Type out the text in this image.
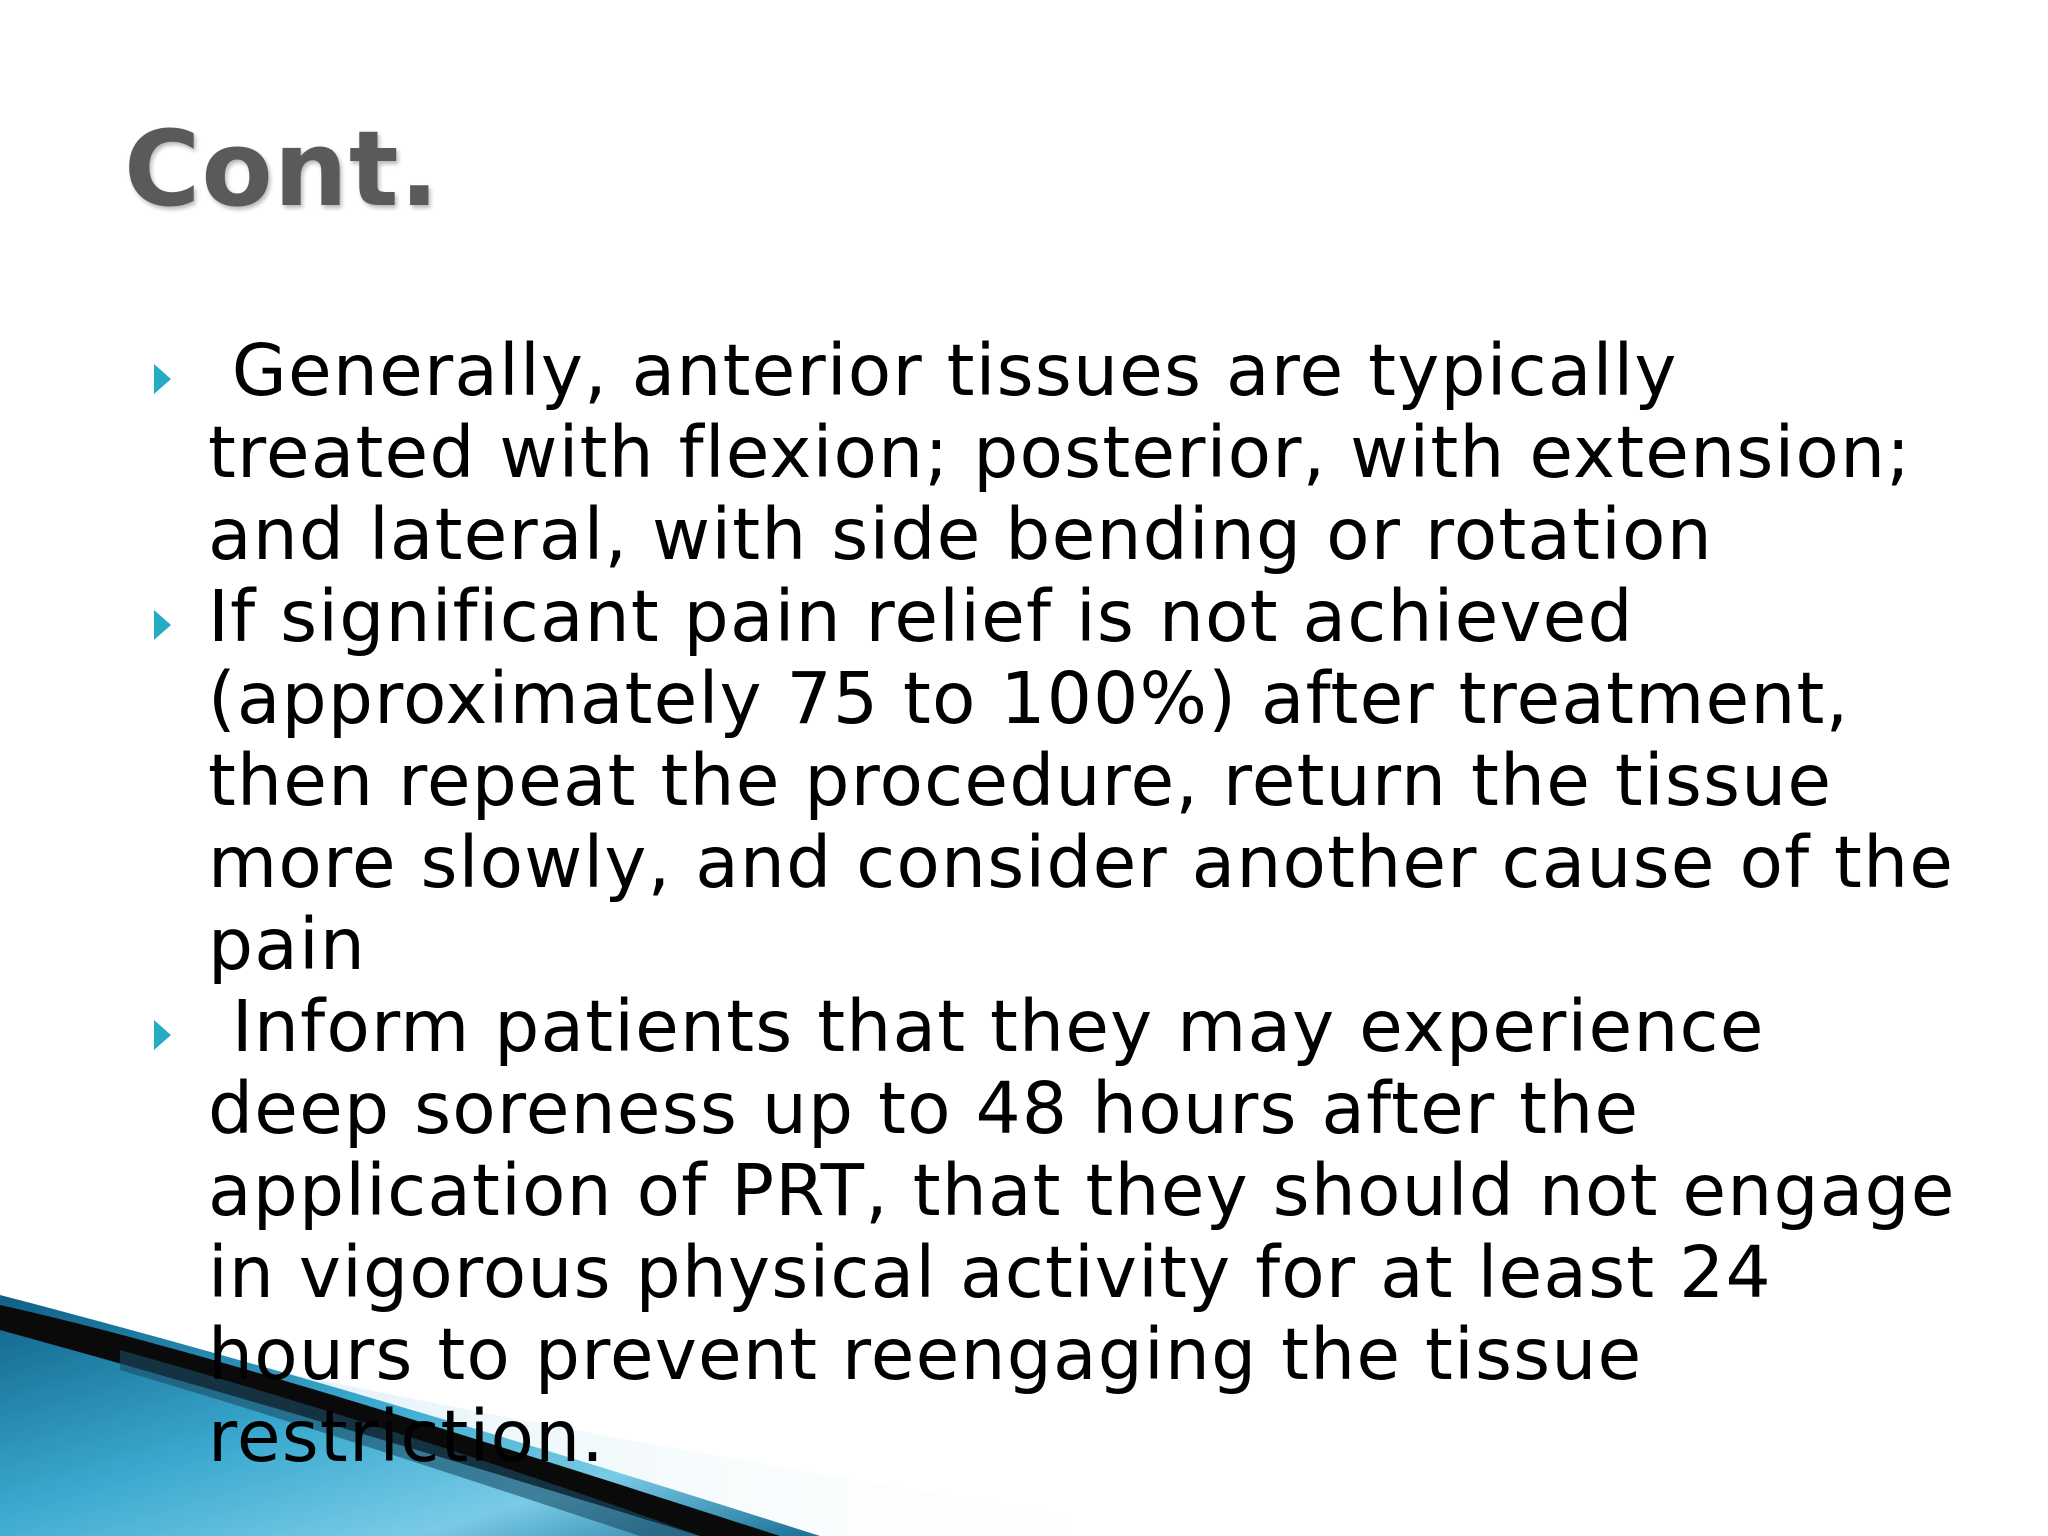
Cont.
Generally, anterior tissues are typically treated with flexion; posterior, with extension; and lateral, with side bending or rotation
If significant pain relief is not achieved (approximately 75 to 100%) after treatment, then repeat the procedure, return the tissue more slowly, and consider another cause of the pain
Inform patients that they may experience deep soreness up to 48 hours after the application of PRT, that they should not engage in vigorous physical activity for at least 24 hours to prevent reengaging the tissue restriction.
